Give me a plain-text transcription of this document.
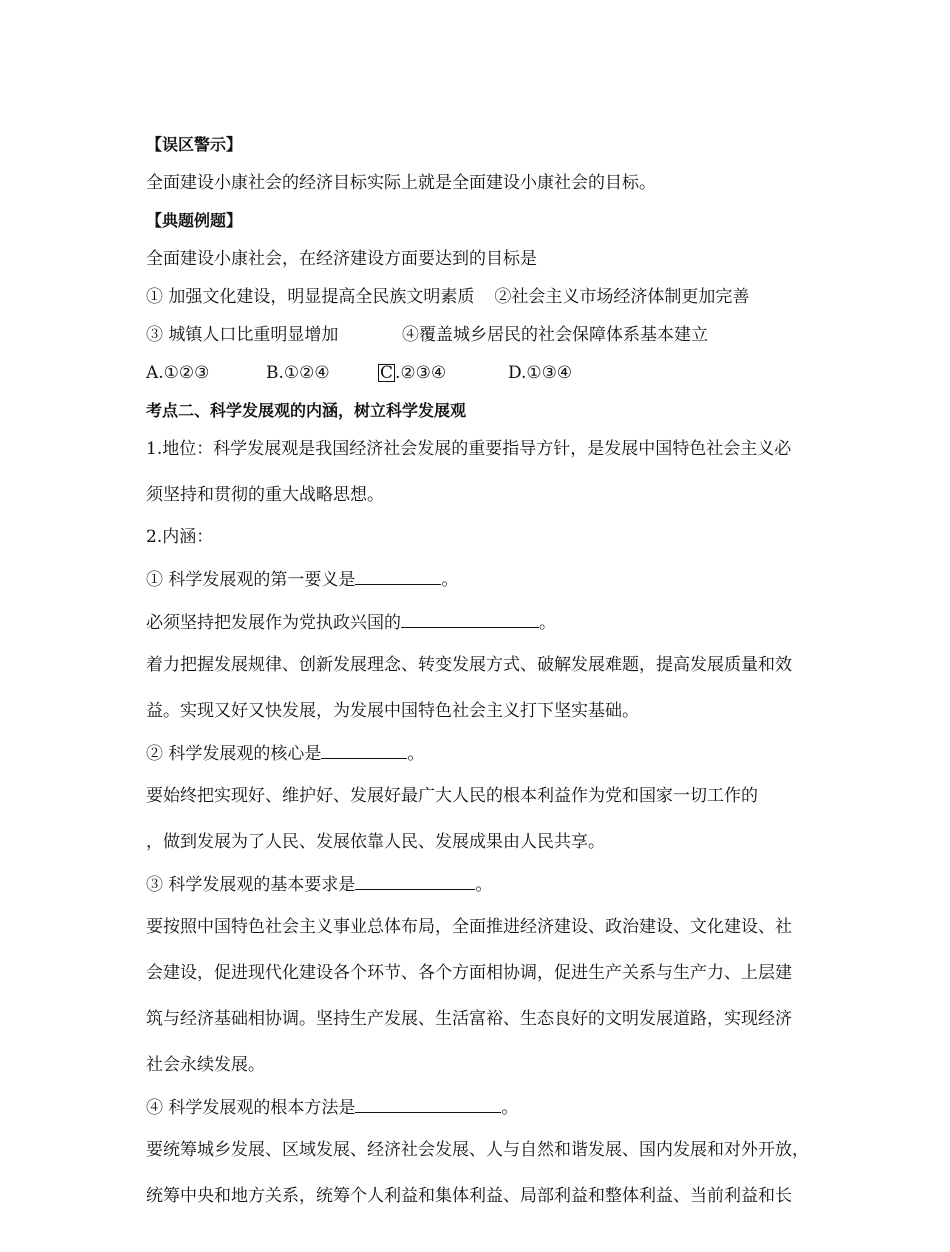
【误区警示】
全面建设小康社会的经济目标实际上就是全面建设小康社会的目标。
【典题例题】
全面建设小康社会，在经济建设方面要达到的目标是
① 加强文化建设，明显提高全民族文明素质 ②社会主义市场经济体制更加完善
③ 城镇人口比重明显增加	④覆盖城乡居民的社会保障体系基本建立
A.①②③	B.①②④	C .②③④	D.①③④
考点二、科学发展观的内涵，树立科学发展观
1.地位：科学发展观是我国经济社会发展的重要指导方针，是发展中国特色社会主义必
须坚持和贯彻的重大战略思想。
2.内涵：
① 科学发展观的第一要义是	。
必须坚持把发展作为党执政兴国的	。
着力把握发展规律、创新发展理念、转变发展方式、破解发展难题，提高发展质量和效
益。实现又好又快发展，为发展中国特色社会主义打下坚实基础。
② 科学发展观的核心是	。
要始终把实现好、维护好、发展好最广大人民的根本利益作为党和国家一切工作的
，做到发展为了人民、发展依靠人民、发展成果由人民共享。
③ 科学发展观的基本要求是	。
要按照中国特色社会主义事业总体布局，全面推进经济建设、政治建设、文化建设、社
会建设，促进现代化建设各个环节、各个方面相协调，促进生产关系与生产力、上层建
筑与经济基础相协调。坚持生产发展、生活富裕、生态良好的文明发展道路，实现经济
社会永续发展。
④ 科学发展观的根本方法是	。
要统筹城乡发展、区域发展、经济社会发展、人与自然和谐发展、国内发展和对外开放，
统筹中央和地方关系，统筹个人利益和集体利益、局部利益和整体利益、当前利益和长
